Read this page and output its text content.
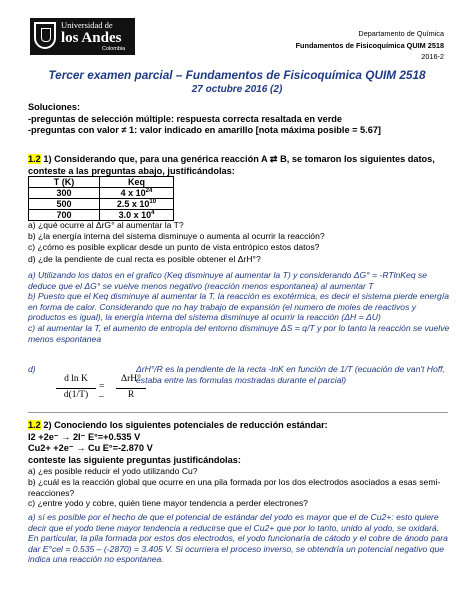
Universidad de
los Andes
Colombia
Departamento de Química
Fundamentos de Fisicoquímica QUIM 2518
2016-2
Tercer examen parcial – Fundamentos de Fisicoquímica QUIM 2518
27 octubre 2016 (2)
Soluciones:
-preguntas de selección múltiple: respuesta correcta resaltada en verde
-preguntas con valor ≠ 1: valor indicado en amarillo [nota máxima posible = 5.67]
1.2 1) Considerando que, para una genérica reacción A ⇄ B, se tomaron los siguientes datos, conteste a las preguntas abajo, justificándolas:
T (K)	Keq
300	4 x $10^{24}$
500	2.5 x $10^{10}$
700	3.0 x $10^4$
a) ¿qué ocurre al ΔrG° al aumentar la T?
b) ¿la energía interna del sistema disminuye o aumenta al ocurrir la reacción?
c) ¿cómo es posible explicar desde un punto de vista entrópico estos datos?
d) ¿de la pendiente de cual recta es posible obtener el ΔrH°?
a) Utilizando los datos en el grafico (Keq disminuye al aumentar la T) y considerando ΔG° = -RTlnKeq se deduce que el ΔG° se vuelve menos negativo (reacción menos espontanea) al aumentar T
b) Puesto que el Keq disminuye al aumentar la T, la reacción es exotérmica, es decir el sistema pierde energía en forma de calor. Considerando que no hay trabajo de expansión (el numero de moles de reactivos y productos es igual), la energía interna del sistema disminuye al ocurrir la reacción (ΔH = ΔU)
c) al aumentar la T, el aumento de entropía del entorno disminuye ΔS = q/T y por lo tanto la reacción se vuelve menos espontanea
d)	ΔrH°/R es la pendiente de la recta -lnK en función de 1/T (ecuación de van't Hoff, estaba entre las formulas mostradas durante el parcial)
d ln K
d(1/T)
= –
ΔrH°
R
1.2 2) Conociendo los siguientes potenciales de reducción estándar:
I2 +2e⁻ → 2I⁻ E°=+0.535 V
Cu2+ +2e⁻ → Cu E°=-2.870 V
conteste las siguiente preguntas justificándolas:
a) ¿es posible reducir el yodo utilizando Cu?
b) ¿cuál es la reacción global que ocurre en una pila formada por los dos electrodos asociados a esas semi-reacciones?
c) ¿entre yodo y cobre, quién tiene mayor tendencia a perder electrones?
a) sí es posible por el hecho de que el potencial de estándar del yodo es mayor que el de Cu2+: esto quiere decir que el yodo tiene mayor tendencia a reducirse que el Cu2+ que por lo tanto, unido al yodo, se oxidará. En particular, la pila formada por estos dos electrodos, el yodo funcionaría de cátodo y el cobre de ánodo para dar E°cel = 0.535 – (-2870) = 3.405 V. Si ocurriera el proceso inverso, se obtendría un potencial negativo que indica una reacción no espontanea.
